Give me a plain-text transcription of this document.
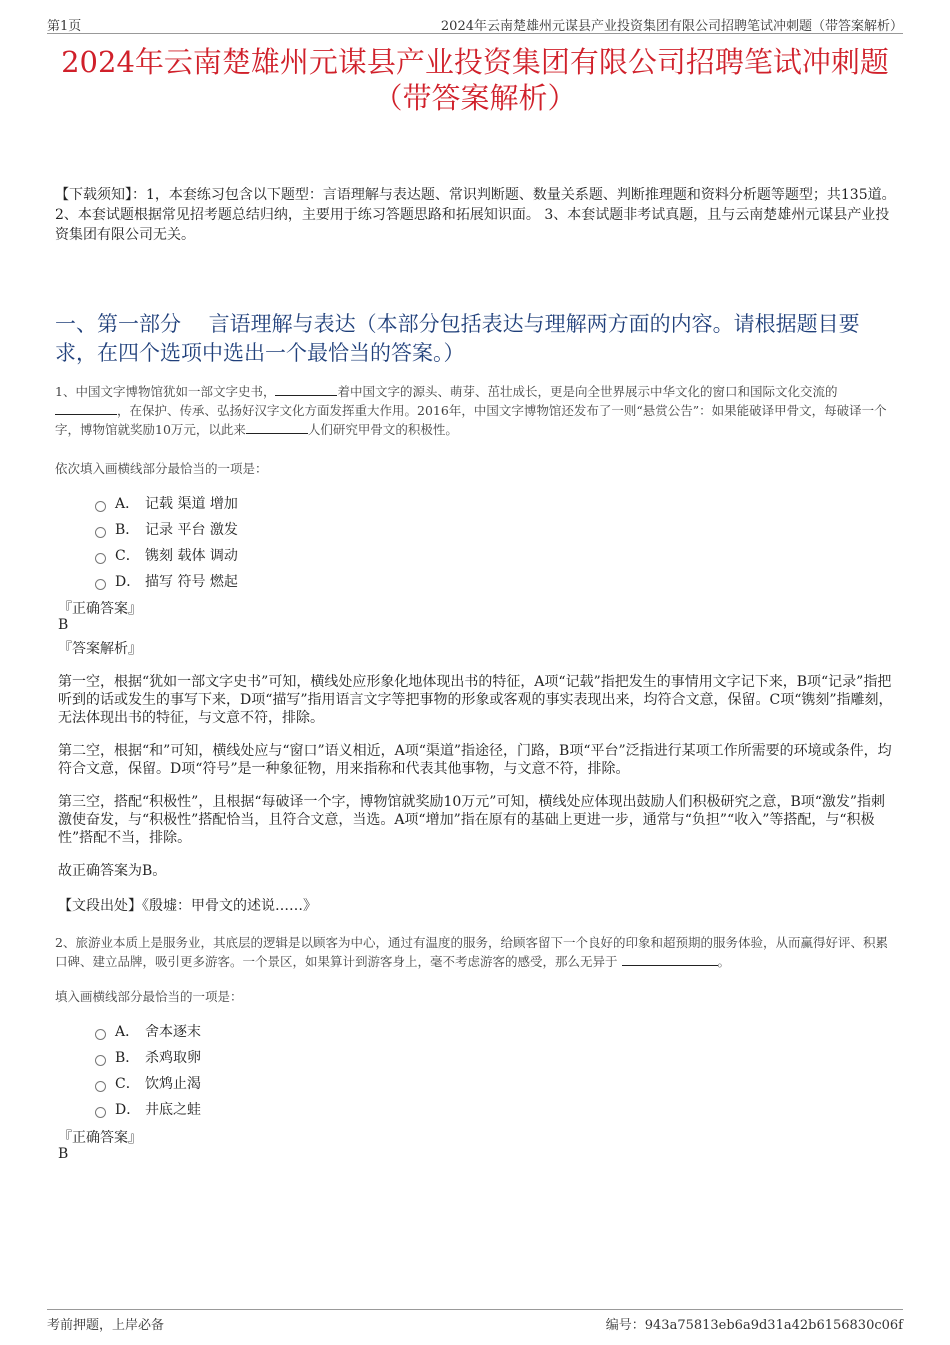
第1页	2024年云南楚雄州元谋县产业投资集团有限公司招聘笔试冲刺题（带答案解析）
2024年云南楚雄州元谋县产业投资集团有限公司招聘笔试冲刺题（带答案解析）
【下载须知】：1，本套练习包含以下题型：言语理解与表达题、常识判断题、数量关系题、判断推理题和资料分析题等题型；共135道。 2、本套试题根据常见招考题总结归纳，主要用于练习答题思路和拓展知识面。 3、本套试题非考试真题，且与云南楚雄州元谋县产业投资集团有限公司无关。
一、第一部分　 言语理解与表达（本部分包括表达与理解两方面的内容。请根据题目要求，在四个选项中选出一个最恰当的答案。）
1、中国文字博物馆犹如一部文字史书，	着中国文字的源头、萌芽、茁壮成长，更是向全世界展示中华文化的窗口和国际文化交流的
，在保护、传承、弘扬好汉字文化方面发挥重大作用。2016年，中国文字博物馆还发布了一则“悬赏公告”：如果能破译甲骨文，每破译一个字，博物馆就奖励10万元，以此来	人们研究甲骨文的积极性。
依次填入画横线部分最恰当的一项是：
A． 记载 渠道 增加
B． 记录 平台 激发
C． 镌刻 载体 调动
D． 描写 符号 燃起
『正确答案』
B
『答案解析』
第一空，根据“犹如一部文字史书”可知，横线处应形象化地体现出书的特征，A项“记载”指把发生的事情用文字记下来，B项“记录”指把听到的话或发生的事写下来，D项“描写”指用语言文字等把事物的形象或客观的事实表现出来，均符合文意，保留。C项“镌刻”指雕刻，无法体现出书的特征，与文意不符，排除。
第二空，根据“和”可知，横线处应与“窗口”语义相近，A项“渠道”指途径，门路，B项“平台”泛指进行某项工作所需要的环境或条件，均符合文意，保留。D项“符号”是一种象征物，用来指称和代表其他事物，与文意不符，排除。
第三空，搭配“积极性”，且根据“每破译一个字，博物馆就奖励10万元”可知，横线处应体现出鼓励人们积极研究之意，B项“激发”指刺激使奋发，与“积极性”搭配恰当，且符合文意，当选。A项“增加”指在原有的基础上更进一步，通常与“负担”“收入”等搭配，与“积极性”搭配不当，排除。
故正确答案为B。
【文段出处】《殷墟：甲骨文的述说……》
2、旅游业本质上是服务业，其底层的逻辑是以顾客为中心，通过有温度的服务，给顾客留下一个良好的印象和超预期的服务体验，从而赢得好评、积累口碑、建立品牌，吸引更多游客。一个景区，如果算计到游客身上，毫不考虑游客的感受，那么无异于	。
填入画横线部分最恰当的一项是：
A． 舍本逐末
B． 杀鸡取卵
C． 饮鸩止渴
D． 井底之蛙
『正确答案』
B
考前押题，上岸必备	编号：943a75813eb6a9d31a42b6156830c06f
